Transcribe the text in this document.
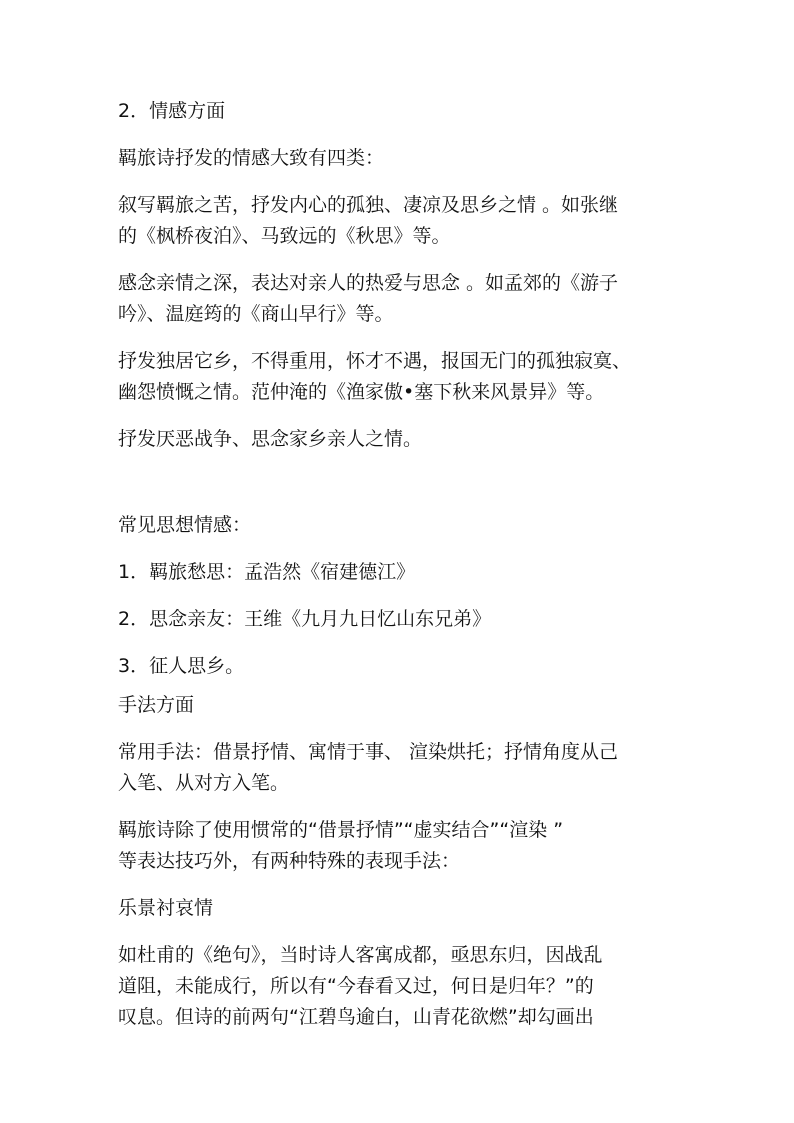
2．情感方面
羁旅诗抒发的情感大致有四类：
叙写羁旅之苦，抒发内心的孤独、凄凉及思乡之情 。如张继
的《枫桥夜泊》、马致远的《秋思》等。
感念亲情之深，表达对亲人的热爱与思念 。如孟郊的《游子
吟》、温庭筠的《商山早行》等。
抒发独居它乡，不得重用，怀才不遇，报国无门的孤独寂寞、
幽怨愤慨之情。范仲淹的《渔家傲•塞下秋来风景异》等。
抒发厌恶战争、思念家乡亲人之情。
常见思想情感：
1．羁旅愁思：孟浩然《宿建德江》
2．思念亲友：王维《九月九日忆山东兄弟》
3．征人思乡。
手法方面
常用手法：借景抒情、寓情于事、 渲染烘托；抒情角度从己
入笔、从对方入笔。
羁旅诗除了使用惯常的“借景抒情”“虚实结合”“渲染 ”
等表达技巧外，有两种特殊的表现手法：
乐景衬哀情
如杜甫的《绝句》，当时诗人客寓成都，亟思东归，因战乱
道阻，未能成行，所以有“今春看又过，何日是归年？”的
叹息。但诗的前两句“江碧鸟逾白，山青花欲燃”却勾画出
